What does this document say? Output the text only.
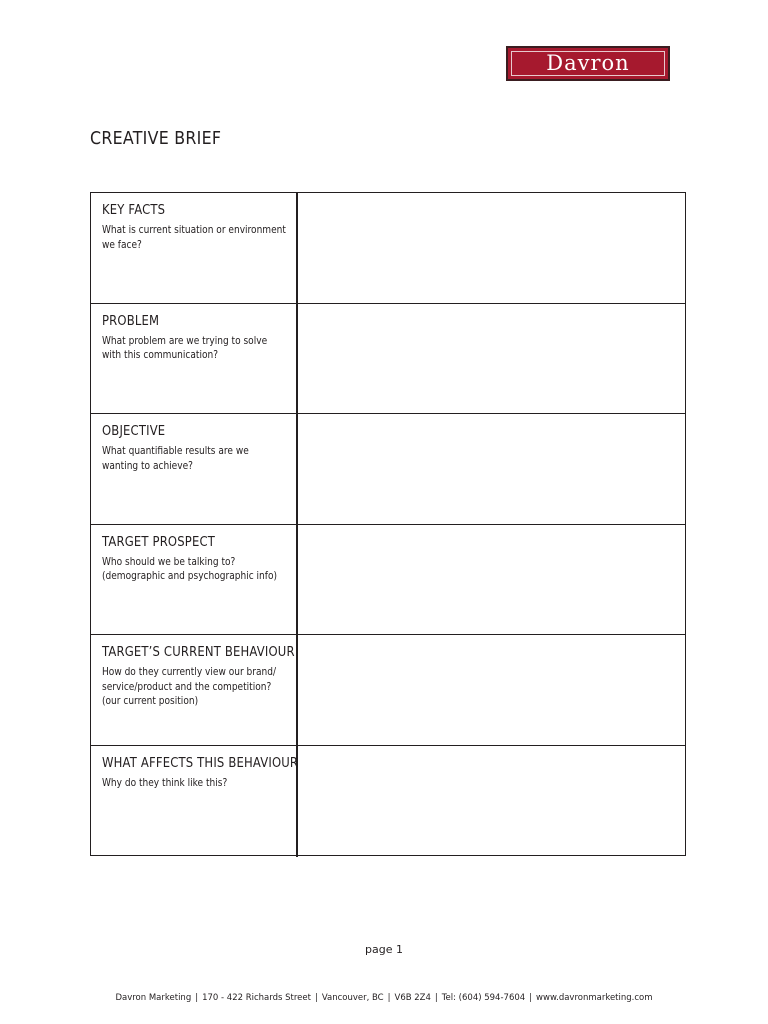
Davron
CREATIVE BRIEF
KEY FACTS
What is current situation or environment we face?
PROBLEM
What problem are we trying to solve with this communication?
OBJECTIVE
What quantifiable results are we wanting to achieve?
TARGET PROSPECT
Who should we be talking to? (demographic and psychographic info)
TARGET’S CURRENT BEHAVIOUR
How do they currently view our brand/ service/product and the competition? (our current position)
WHAT AFFECTS THIS BEHAVIOUR
Why do they think like this?
page 1
Davron Marketing | 170 - 422 Richards Street | Vancouver, BC | V6B 2Z4 | Tel: (604) 594-7604 | www.davronmarketing.com
